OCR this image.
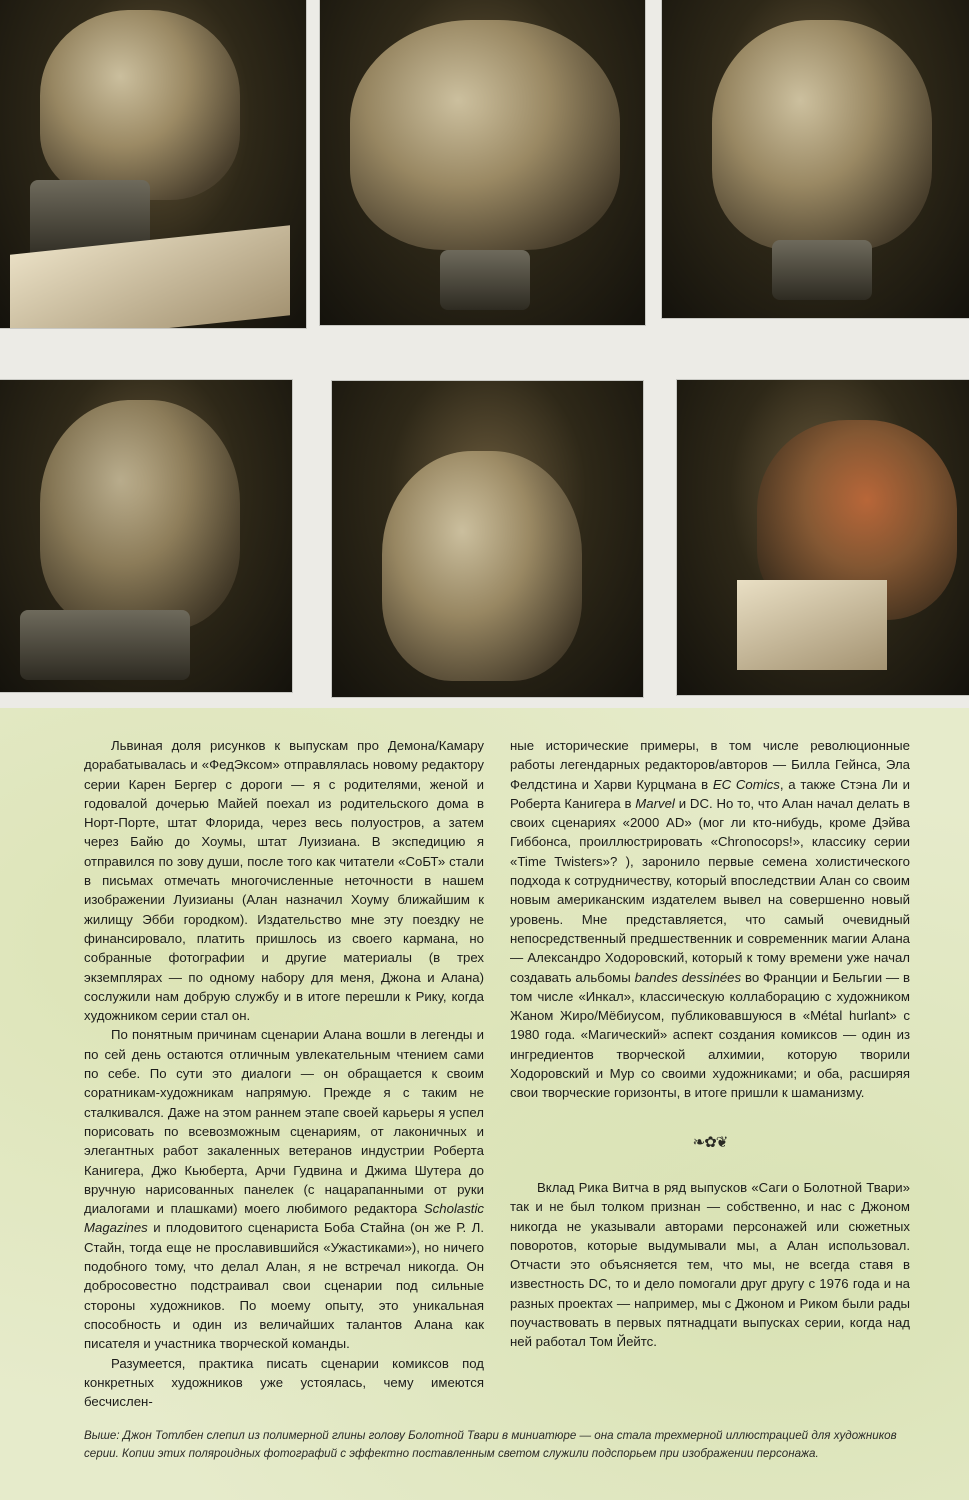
Львиная доля рисунков к выпускам про Демона/Камару дорабатывалась и «ФедЭксом» отправлялась новому редактору серии Карен Бергер с дороги — я с родителями, женой и годовалой дочерью Майей поехал из родительского дома в Норт-Порте, штат Флорида, через весь полуостров, а затем через Байю до Хоумы, штат Луизиана. В экспедицию я отправился по зову души, после того как читатели «СоБТ» стали в письмах отмечать многочисленные неточности в нашем изображении Луизианы (Алан назначил Хоуму ближайшим к жилищу Эбби городком). Издательство мне эту поездку не финансировало, платить пришлось из своего кармана, но собранные фотографии и другие материалы (в трех экземплярах — по одному набору для меня, Джона и Алана) сослужили нам добрую службу и в итоге перешли к Рику, когда художником серии стал он.

По понятным причинам сценарии Алана вошли в легенды и по сей день остаются отличным увлекательным чтением сами по себе. По сути это диалоги — он обращается к своим соратникам-художникам напрямую. Прежде я с таким не сталкивался. Даже на этом раннем этапе своей карьеры я успел порисовать по всевозможным сценариям, от лаконичных и элегантных работ закаленных ветеранов индустрии Роберта Канигера, Джо Кьюберта, Арчи Гудвина и Джима Шутера до вручную нарисованных панелек (с нацарапанными от руки диалогами и плашками) моего любимого редактора Scholastic Magazines и плодовитого сценариста Боба Стайна (он же Р. Л. Стайн, тогда еще не прославившийся «Ужастиками»), но ничего подобного тому, что делал Алан, я не встречал никогда. Он добросовестно подстраивал свои сценарии под сильные стороны художников. По моему опыту, это уникальная способность и один из величайших талантов Алана как писателя и участника творческой команды.

Разумеется, практика писать сценарии комиксов под конкретных художников уже устоялась, чему имеются бесчислен-

ные исторические примеры, в том числе революционные работы легендарных редакторов/авторов — Билла Гейнса, Эла Фелдстина и Харви Курцмана в EC Comics, а также Стэна Ли и Роберта Канигера в Marvel и DC. Но то, что Алан начал делать в своих сценариях «2000 AD» (мог ли кто-нибудь, кроме Дэйва Гиббонса, проиллюстрировать «Chronocops!», классику серии «Time Twisters»? ), заронило первые семена холистического подхода к сотрудничеству, который впоследствии Алан со своим новым американским издателем вывел на совершенно новый уровень. Мне представляется, что самый очевидный непосредственный предшественник и современник магии Алана — Александро Ходоровский, который к тому времени уже начал создавать альбомы bandes dessinées во Франции и Бельгии — в том числе «Инкал», классическую коллаборацию с художником Жаном Жиро/Мёбиусом, публиковавшуюся в «Métal hurlant» с 1980 года. «Магический» аспект создания комиксов — один из ингредиентов творческой алхимии, которую творили Ходоровский и Мур со своими художниками; и оба, расширяя свои творческие горизонты, в итоге пришли к шаманизму.

❧✿❦

Вклад Рика Витча в ряд выпусков «Саги о Болотной Твари» так и не был толком признан — собственно, и нас с Джоном никогда не указывали авторами персонажей или сюжетных поворотов, которые выдумывали мы, а Алан использовал. Отчасти это объясняется тем, что мы, не всегда ставя в известность DC, то и дело помогали друг другу с 1976 года и на разных проектах — например, мы с Джоном и Риком были рады поучаствовать в первых пятнадцати выпусках серии, когда над ней работал Том Йейтс.

Выше: Джон Тотлбен слепил из полимерной глины голову Болотной Твари в миниатюре — она стала трехмерной иллюстрацией для художников серии. Копии этих поляроидных фотографий с эффектно поставленным светом служили подспорьем при изображении персонажа.
